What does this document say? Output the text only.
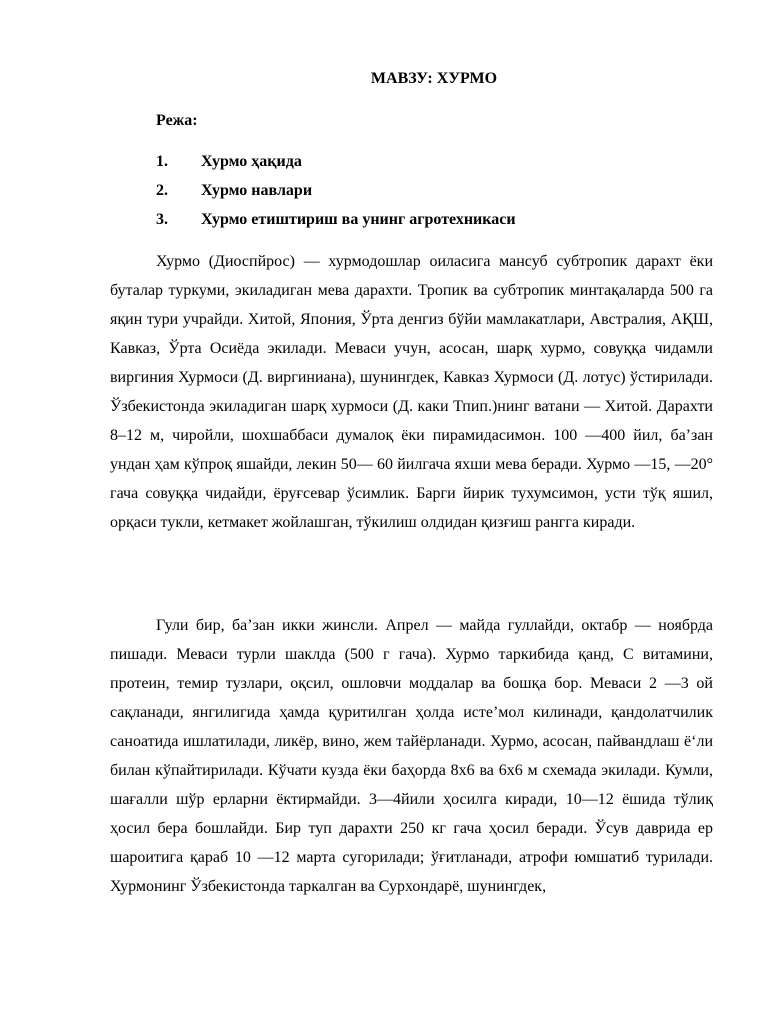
МАВЗУ: ХУРМО
Режа:
1. Хурмо ҳақида
2. Хурмо навлари
3. Хурмо етиштириш ва унинг агротехникаси

Хурмо (Диоспйрос) — хурмодошлар оиласига мансуб субтропик дарахт ёки буталар туркуми, экиладиган мева дарахти. Тропик ва субтропик минтақаларда 500 га яқин тури учрайди. Хитой, Япония, Ўрта денгиз бўйи мамлакатлари, Австралия, АҚШ, Кавказ, Ўрта Осиёда экилади. Меваси учун, асосан, шарқ хурмо, совуққа чидамли виргиния Хурмоси (Д. виргиниана), шунингдек, Кавказ Хурмоси (Д. лотус) ўстирилади. Ўзбекистонда экиладиган шарқ хурмоси (Д. каки Тпип.)нинг ватани — Хитой. Дарахти 8–12 м, чиройли, шохшаббаси думалоқ ёки пирамидасимон. 100 —400 йил, ба’зан ундан ҳам кўпроқ яшайди, лекин 50— 60 йилгача яхши мева беради. Хурмо —15, —20° гача совуққа чидайди, ёруғсевар ўсимлик. Барги йирик тухумсимон, усти тўқ яшил, орқаси тукли, кетмакет жойлашган, тўкилиш олдидан қизғиш рангга киради.

Гули бир, ба’зан икки жинсли. Апрел — майда гуллайди, октабр — ноябрда пишади. Меваси турли шаклда (500 г гача). Хурмо таркибида қанд, С витамини, протеин, темир тузлари, оқсил, ошловчи моддалар ва бошқа бор. Меваси 2 —3 ой сақланади, янгилигида ҳамда қуритилган ҳолда исте’мол килинади, қандолатчилик саноатида ишлатилади, ликёр, вино, жем тайёрланади. Хурмо, асосан, пайвандлаш ё‘ли билан кўпайтирилади. Кўчати кузда ёки баҳорда 8х6 ва 6х6 м схемада экилади. Кумли, шағалли шўр ерларни ёктирмайди. 3—4йили ҳосилга киради, 10—12 ёшида тўлиқ ҳосил бера бошлайди. Бир туп дарахти 250 кг гача ҳосил беради. Ўсув даврида ер шароитига қараб 10 —12 марта сугорилади; ўғитланади, атрофи юмшатиб турилади. Хурмонинг Ўзбекистонда таркалган ва Сурхондарё, шунингдек,
